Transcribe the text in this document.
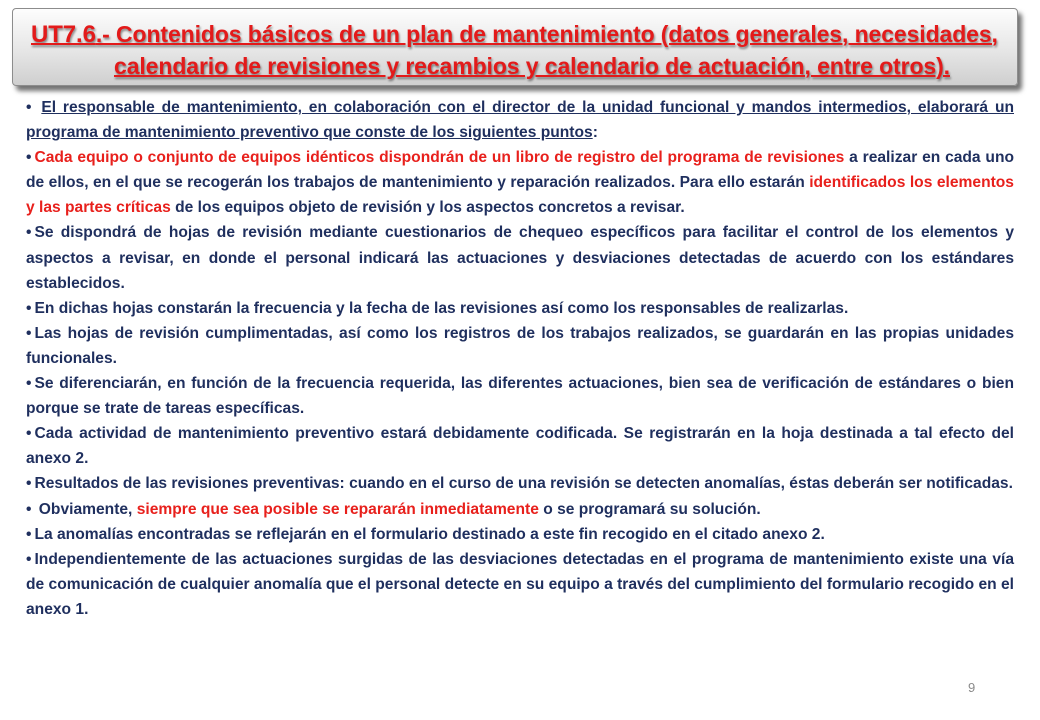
UT7.6.- Contenidos básicos de un plan de mantenimiento (datos generales, necesidades,
calendario de revisiones y recambios y calendario de actuación, entre otros).

• El responsable de mantenimiento, en colaboración con el director de la unidad funcional y mandos intermedios, elaborará un programa de mantenimiento preventivo que conste de los siguientes puntos:

• Cada equipo o conjunto de equipos idénticos dispondrán de un libro de registro del programa de revisiones a realizar en cada uno de ellos, en el que se recogerán los trabajos de mantenimiento y reparación realizados. Para ello estarán identificados los elementos y las partes críticas de los equipos objeto de revisión y los aspectos concretos a revisar.

• Se dispondrá de hojas de revisión mediante cuestionarios de chequeo específicos para facilitar el control de los elementos y aspectos a revisar, en donde el personal indicará las actuaciones y desviaciones detectadas de acuerdo con los estándares establecidos.

• En dichas hojas constarán la frecuencia y la fecha de las revisiones así como los responsables de realizarlas.

• Las hojas de revisión cumplimentadas, así como los registros de los trabajos realizados, se guardarán en las propias unidades funcionales.

• Se diferenciarán, en función de la frecuencia requerida, las diferentes actuaciones, bien sea de verificación de estándares o bien porque se trate de tareas específicas.

• Cada actividad de mantenimiento preventivo estará debidamente codificada. Se registrarán en la hoja destinada a tal efecto del anexo 2.

• Resultados de las revisiones preventivas: cuando en el curso de una revisión se detecten anomalías, éstas deberán ser notificadas.

• Obviamente, siempre que sea posible se repararán inmediatamente o se programará su solución.

• La anomalías encontradas se reflejarán en el formulario destinado a este fin recogido en el citado anexo 2.

• Independientemente de las actuaciones surgidas de las desviaciones detectadas en el programa de mantenimiento existe una vía de comunicación de cualquier anomalía que el personal detecte en su equipo a través del cumplimiento del formulario recogido en el anexo 1.

9
